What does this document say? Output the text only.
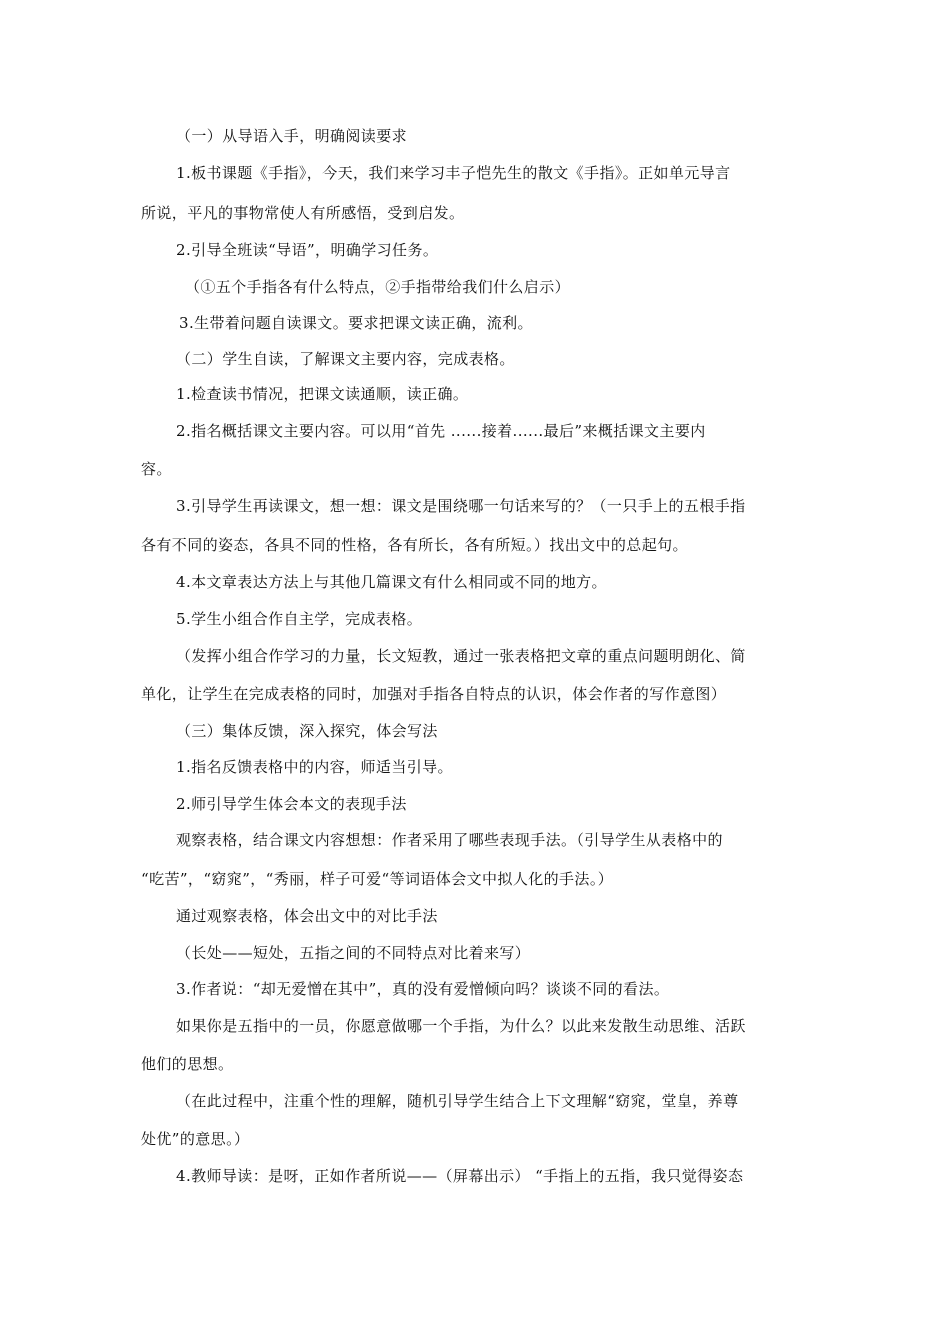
（一）从导语入手，明确阅读要求
1.板书课题《手指》，今天，我们来学习丰子恺先生的散文《手指》。正如单元导言
所说，平凡的事物常使人有所感悟，受到启发。
2.引导全班读“导语”，明确学习任务。
（①五个手指各有什么特点，②手指带给我们什么启示）
3.生带着问题自读课文。要求把课文读正确，流利。
（二）学生自读，了解课文主要内容，完成表格。
1.检查读书情况，把课文读通顺，读正确。
2.指名概括课文主要内容。可以用“首先 ......接着......最后”来概括课文主要内
容。
3.引导学生再读课文，想一想：课文是围绕哪一句话来写的？（一只手上的五根手指
各有不同的姿态，各具不同的性格，各有所长，各有所短。）找出文中的总起句。
4.本文章表达方法上与其他几篇课文有什么相同或不同的地方。
5.学生小组合作自主学，完成表格。
（发挥小组合作学习的力量，长文短教，通过一张表格把文章的重点问题明朗化、简
单化，让学生在完成表格的同时，加强对手指各自特点的认识，体会作者的写作意图）
（三）集体反馈，深入探究，体会写法
1.指名反馈表格中的内容，师适当引导。
2.师引导学生体会本文的表现手法
观察表格，结合课文内容想想：作者采用了哪些表现手法。（引导学生从表格中的
“吃苦”，“窈窕”，“秀丽，样子可爱“等词语体会文中拟人化的手法。）
通过观察表格，体会出文中的对比手法
（长处——短处，五指之间的不同特点对比着来写）
3.作者说：“却无爱憎在其中”，真的没有爱憎倾向吗？谈谈不同的看法。
如果你是五指中的一员，你愿意做哪一个手指，为什么？以此来发散生动思维、活跃
他们的思想。
（在此过程中，注重个性的理解，随机引导学生结合上下文理解“窈窕，堂皇，养尊
处优”的意思。）
4.教师导读：是呀，正如作者所说——（屏幕出示） “手指上的五指，我只觉得姿态
